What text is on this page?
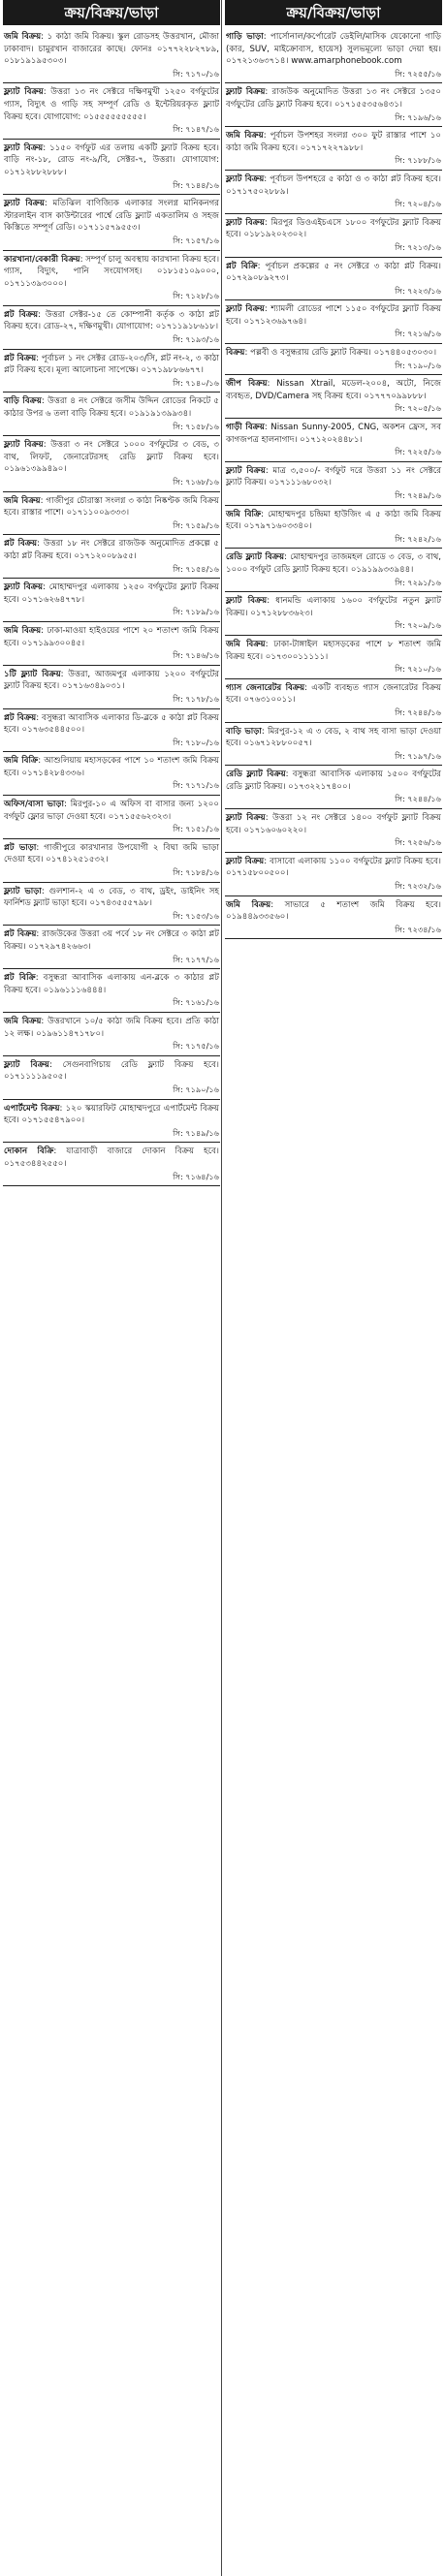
ক্রয়/বিক্রয়/ভাড়া
জমি বিক্রয়: ১ কাঠা জমি বিক্রয়। স্কুল রোডসহ উত্তরখান, মৌজা ঢাকাবাদ। চামুরখান বাজারের কাছে। ফোনঃ ০১৭৭২২৮২৭৮৯, ০১৮১৯১৯৫৩০৩।
সি: ৭১৭০/১৬
ফ্ল্যাট বিক্রয়: উত্তরা ১৩ নং সেক্টরে দক্ষিণমুখী ১২৫০ বর্গফুটের গ্যাস, বিদ্যুৎ ও গাড়ি সহ সম্পূর্ণ রেডি ও ইন্টেরিয়রকৃত ফ্ল্যাট বিক্রয় হবে। যোগাযোগ: ০১৫৫৫৫৫৫৫৫৫।
সি: ৭১৪৭/১৬
ফ্ল্যাট বিক্রয়: ১১৫০ বর্গফুট এর তলায় একটি ফ্ল্যাট বিক্রয় হবে। বাড়ি নং-১৮, রোড নং-৯/বি, সেক্টর-৭, উত্তরা। যোগাযোগ: ০১৭১২৮৮২৮৮৮।
সি: ৭১৪৪/১৬
ফ্ল্যাট বিক্রয়: মতিঝিল বাণিজ্যিক এলাকার সংলগ্ন মানিকনগর স্টারলাইন বাস কাউন্টারের পার্শ্বে রেডি ফ্ল্যাট একতালিম ও সহজ কিস্তিতে সম্পূর্ণ রেডি। ০১৭১১৫৭৯৫৫৩।
সি: ৭১৫৭/১৬
কারখানা/বেকারী বিক্রয়: সম্পূর্ণ চালু অবস্থায় কারখানা বিক্রয় হবে। গ্যাস, বিদ্যুৎ, পানি সংযোগসহ। ০১৮১৫১০৯০০০, ০১৭১১৩৯৩০০০।
সি: ৭১২৮/১৬
প্লট বিক্রয়: উত্তরা সেক্টর-১৫ তে কোম্পানী কর্তৃক ৩ কাঠা প্লট বিক্রয় হবে। রোড-২৭, দক্ষিণমুখী। যোগাযোগ: ০১৭১১৯১৮৬১৮।
সি: ৭১৯৩/১৬
প্লট বিক্রয়: পূর্বাচল ১ নং সেক্টর রোড-২০৩/সি, প্লট নং-২, ৩ কাঠা প্লট বিক্রয় হবে। মূল্য আলোচনা সাপেক্ষে। ০১৭১৯৮৮৬৬৭৭।
সি: ৭১৪০/১৬
বাড়ি বিক্রয়: উত্তরা ৪ নং সেক্টরে জসীম উদ্দিন রোডের নিকটে ৫ কাঠার উপর ৬ তলা বাড়ি বিক্রয় হবে। ০১৯১৯১৩৯৯৩৪।
সি: ৭১৫৮/১৬
ফ্ল্যাট বিক্রয়: উত্তরা ৩ নং সেক্টরে ১০০০ বর্গফুটের ৩ বেড, ৩ বাথ, লিফট, জেনারেটরসহ রেডি ফ্ল্যাট বিক্রয় হবে। ০১৯৬১৩৯৯৪৯০।
সি: ৭১৬৮/১৬
জমি বিক্রয়: গাজীপুর চৌরাস্তা সংলগ্ন ৩ কাঠা নিষ্কণ্টক জমি বিক্রয় হবে। রাস্তার পাশে। ০১৭১১০০৯৩৩৩।
সি: ৭১৫৯/১৬
প্লট বিক্রয়: উত্তরা ১৮ নং সেক্টরে রাজউক অনুমোদিত প্রকল্পে ৫ কাঠা প্লট বিক্রয় হবে। ০১৭১২০০৮৯৫৫।
সি: ৭১৫৪/১৬
ফ্ল্যাট বিক্রয়: মোহাম্মদপুর এলাকায় ১২৫০ বর্গফুটের ফ্ল্যাট বিক্রয় হবে। ০১৭১৬২৬৪৭৭৮।
সি: ৭১৮৯/১৬
জমি বিক্রয়: ঢাকা-মাওয়া হাইওয়ের পাশে ২০ শতাংশ জমি বিক্রয় হবে। ০১৭১৯৯৩০০৪৫।
সি: ৭১৪৬/১৬
১টি ফ্ল্যাট বিক্রয়: উত্তরা, আজমপুর এলাকায় ১২০০ বর্গফুটের ফ্ল্যাট বিক্রয় হবে। ০১৭১৬৩৪৯০৩১।
সি: ৭১৭৮/১৬
প্লট বিক্রয়: বসুন্ধরা আবাসিক এলাকার ডি-ব্লকে ৫ কাঠা প্লট বিক্রয় হবে। ০১৭৬৩৫৪৪৫০০।
সি: ৭১৮০/১৬
জমি বিক্রি: আশুলিয়ায় মহাসড়কের পাশে ১০ শতাংশ জমি বিক্রয় হবে। ০১৭১৪২৮৪৩৩৬।
সি: ৭১৭১/১৬
অফিস/বাসা ভাড়া: মিরপুর-১০ এ অফিস বা বাসার জন্য ১২০০ বর্গফুট ফ্লোর ভাড়া দেওয়া হবে। ০১৭১৫৫৬২৩২৩।
সি: ৭১৫১/১৬
প্লট ভাড়া: গাজীপুরে কারখানার উপযোগী ২ বিঘা জমি ভাড়া দেওয়া হবে। ০১৭৪১২৫১৫৩২।
সি: ৭১৮৪/১৬
ফ্ল্যাট ভাড়া: গুলশান-২ এ ৩ বেড, ৩ বাথ, ড্রইং, ডাইনিং সহ ফার্নিশড ফ্ল্যাট ভাড়া হবে। ০১৭৪৩৫৫৫৭৯৮।
সি: ৭১৫৩/১৬
প্লট বিক্রয়: রাজউকের উত্তরা ৩য় পর্বে ১৮ নং সেক্টরে ৩ কাঠা প্লট বিক্রয়। ০১৭২৯৭৪২৬৬৩।
সি: ৭১৭৭/১৬
প্লট বিক্রি: বসুন্ধরা আবাসিক এলাকায় এন-ব্লকে ৩ কাঠার প্লট বিক্রয় হবে। ০১৯৬১১১৬৪৪৪।
সি: ৭১৬১/১৬
জমি বিক্রয়: উত্তরখানে ১০/৫ কাঠা জমি বিক্রয় হবে। প্রতি কাঠা ১২ লক্ষ। ০১৯৬১১৪৭১৭৮০।
সি: ৭১৭৫/১৬
ফ্ল্যাট বিক্রয়: সেগুনবাগিচায় রেডি ফ্ল্যাট বিক্রয় হবে। ০১৭১১১১৯৫০৫।
সি: ৭১৯০/১৬
এপার্টমেন্ট বিক্রয়: ১২০ স্কয়ারফিট মোহাম্মদপুরে এপার্টমেন্ট বিক্রয় হবে। ০১৭১৫৫৪৭৯০০।
সি: ৭১৪৯/১৬
দোকান বিক্রি: যাত্রাবাড়ী বাজারে দোকান বিক্রয় হবে। ০১৭৫৩৪৪২৫৫০।
সি: ৭১৬৪/১৬
ক্রয়/বিক্রয়/ভাড়া
গাড়ি ভাড়া: পার্সোনাল/কর্পোরেট ডেইলি/মাসিক যেকোনো গাড়ি (কার, SUV, মাইক্রোবাস, হায়েস) সুলভমূল্যে ভাড়া দেয়া হয়। ০১৭২১৩৬৩৭১৪। www.amarphonebook.com
সি: ৭২৫৫/১৬
ফ্ল্যাট বিক্রয়: রাজউক অনুমোদিত উত্তরা ১৩ নং সেক্টরে ১৩৫০ বর্গফুটের রেডি ফ্ল্যাট বিক্রয় হবে। ০১৭১৫৫৩৫৬৪৩১।
সি: ৭১৯৬/১৬
জমি বিক্রয়: পূর্বাচল উপশহর সংলগ্ন ৩০০ ফুট রাস্তার পাশে ১০ কাঠা জমি বিক্রয় হবে। ০১৭১৭২২৭৯৮৮।
সি: ৭১৮৮/১৬
ফ্ল্যাট বিক্রয়: পূর্বাচল উপশহরে ৫ কাঠা ও ৩ কাঠা প্লট বিক্রয় হবে। ০১৭১৭৫০২৮৮৯।
সি: ৭২০৪/১৬
ফ্ল্যাট বিক্রয়: মিরপুর ডিওএইচএসে ১৮০০ বর্গফুটের ফ্ল্যাট বিক্রয় হবে। ০১৮১৯২০২৩০২।
সি: ৭২১৩/১৬
প্লট বিক্রি: পূর্বাচল প্রকল্পের ৫ নং সেক্টরে ৩ কাঠা প্লট বিক্রয়। ০১৭২৯০৮৯২৭৩।
সি: ৭২২৩/১৬
ফ্ল্যাট বিক্রয়: শ্যামলী রোডের পাশে ১১৫০ বর্গফুটের ফ্ল্যাট বিক্রয় হবে। ০১৭১২৩৬৯৭৬৪।
সি: ৭২১৬/১৬
বিক্রয়: পল্লবী ও বসুন্ধরায় রেডি ফ্ল্যাট বিক্রয়। ০১৭৪৪০৫৩০৩০।
সি: ৭১৯০/১৬
জীপ বিক্রয়: Nissan Xtrail, মডেল-২০০৪, অটো, নিজে ব্যবহৃত, DVD/Camera সহ বিক্রয় হবে। ০১৭৭৭০৯৯৮৮৮।
সি: ৭২০৫/১৬
গাড়ী বিক্রয়: Nissan Sunny-2005, CNG, অকশন ফ্রেস, সব কাগজপত্র হালনাগাদ। ০১৭১২০২৪৪৮১।
সি: ৭২২৫/১৬
ফ্ল্যাট বিক্রয়: মাত্র ৩,৫০০/- বর্গফুট দরে উত্তরা ১১ নং সেক্টরে ফ্ল্যাট বিক্রয়। ০১৭১১১৬৮০৩২।
সি: ৭২৪৯/১৬
জমি বিক্রি: মোহাম্মদপুর চন্দ্রিমা হাউজিং এ ৫ কাঠা জমি বিক্রয় হবে। ০১৭৯৭১৬০৩৩৪০।
সি: ৭২৪২/১৬
রেডি ফ্ল্যাট বিক্রয়: মোহাম্মদপুর তাজমহল রোডে ৩ বেড, ৩ বাথ, ১০০০ বর্গফুট রেডি ফ্ল্যাট বিক্রয় হবে। ০১৯১৯৯৩৩৯৪৪।
সি: ৭২৯১/১৬
ফ্ল্যাট বিক্রয়: ধানমন্ডি এলাকায় ১৬০০ বর্গফুটের নতুন ফ্ল্যাট বিক্রয়। ০১৭১২৮৮৩৬২৩।
সি: ৭২০৯/১৬
জমি বিক্রয়: ঢাকা-টাঙ্গাইল মহাসড়কের পাশে ৮ শতাংশ জমি বিক্রয় হবে। ০১৭৩০০১১১১১।
সি: ৭২১০/১৬
গ্যাস জেনারেটর বিক্রয়: একটি ব্যবহৃত গ্যাস জেনারেটর বিক্রয় হবে। ০৭৬৩১০০১১।
সি: ৭২৪৪/১৬
বাড়ি ভাড়া: মিরপুর-১২ এ ৩ বেড, ২ বাথ সহ বাসা ভাড়া দেওয়া হবে। ০১৬৭১২৮৮০০৫৭।
সি: ৭১৯৭/১৬
রেডি ফ্ল্যাট বিক্রয়: বসুন্ধরা আবাসিক এলাকায় ১৫০০ বর্গফুটের রেডি ফ্ল্যাট বিক্রয়। ০১৭৩২২১৭৪০০।
সি: ৭২৪৪/১৬
ফ্ল্যাট বিক্রয়: উত্তরা ১২ নং সেক্টরে ১৪০০ বর্গফুট ফ্ল্যাট বিক্রয় হবে। ০১৭১৬০৬০২২০।
সি: ৭২৫৬/১৬
ফ্ল্যাট বিক্রয়: বাসাবো এলাকায় ১১০০ বর্গফুটের ফ্ল্যাট বিক্রয় হবে। ০১৭১৫৮০০৫০০।
সি: ৭২৩২/১৬
জমি বিক্রয়: সাভারে ৫ শতাংশ জমি বিক্রয় হবে। ০১৯৪৪৯৩৩৫৬০।
সি: ৭২৩৪/১৬
